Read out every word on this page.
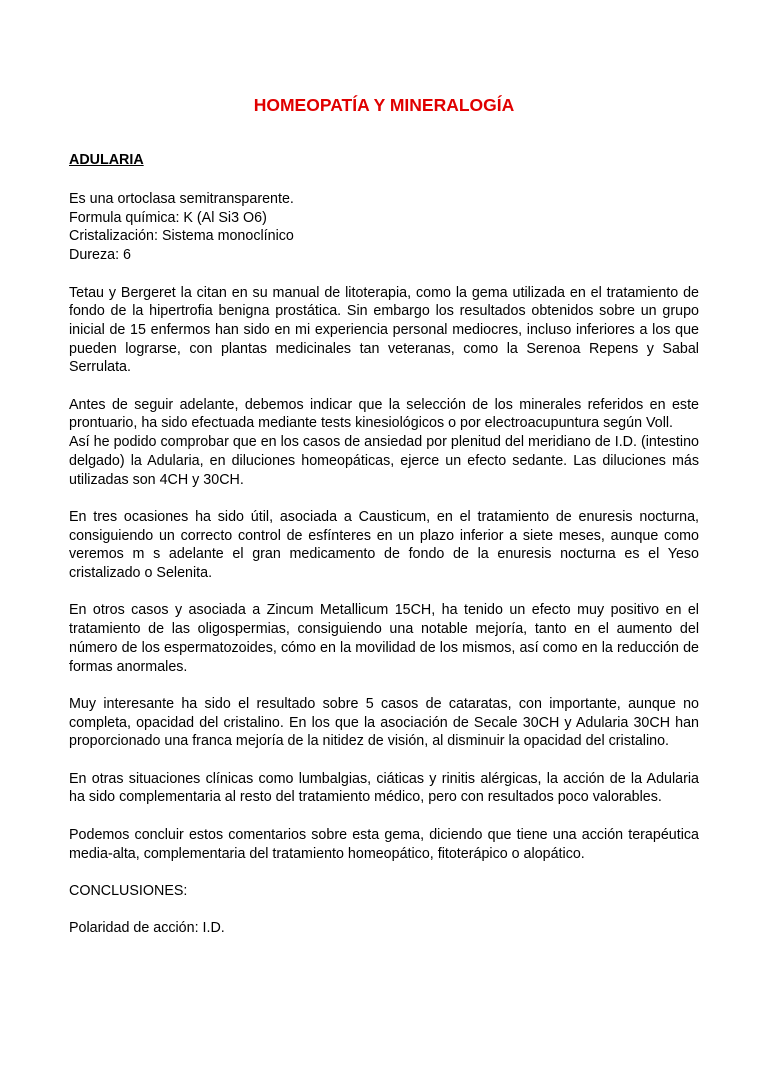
HOMEOPATÍA Y MINERALOGÍA
ADULARIA
Es una ortoclasa semitransparente.
Formula química: K (Al Si3 O6)
Cristalización: Sistema monoclínico
Dureza: 6

Tetau y Bergeret la citan en su manual de litoterapia, como la gema utilizada en el tratamiento de fondo de la hipertrofia benigna prostática. Sin embargo los resultados obtenidos sobre un grupo inicial de 15 enfermos han sido en mi experiencia personal mediocres, incluso inferiores a los que pueden lograrse, con plantas medicinales tan veteranas, como la Serenoa Repens y Sabal Serrulata.

Antes de seguir adelante, debemos indicar que la selección de los minerales referidos en este prontuario, ha sido efectuada mediante tests kinesiológicos o por electroacupuntura según Voll.

Así he podido comprobar que en los casos de ansiedad por plenitud del meridiano de I.D. (intestino delgado) la Adularia, en diluciones homeopáticas, ejerce un efecto sedante. Las diluciones más utilizadas son 4CH y 30CH.

En tres ocasiones ha sido útil, asociada a Causticum, en el tratamiento de enuresis nocturna, consiguiendo un correcto control de esfínteres en un plazo inferior a siete meses, aunque como veremos m s adelante el gran medicamento de fondo de la enuresis nocturna es el Yeso cristalizado o Selenita.

En otros casos y asociada a Zincum Metallicum 15CH, ha tenido un efecto muy positivo en el tratamiento de las oligospermias, consiguiendo una notable mejoría, tanto en el aumento del número de los espermatozoides, cómo en la movilidad de los mismos, así como en la reducción de formas anormales.

Muy interesante ha sido el resultado sobre 5 casos de cataratas, con importante, aunque no completa, opacidad del cristalino. En los que la asociación de Secale 30CH y Adularia 30CH han proporcionado una franca mejoría de la nitidez de visión, al disminuir la opacidad del cristalino.

En otras situaciones clínicas como lumbalgias, ciáticas y rinitis alérgicas, la acción de la Adularia ha sido complementaria al resto del tratamiento médico, pero con resultados poco valorables.

Podemos concluir estos comentarios sobre esta gema, diciendo que tiene una acción terapéutica media-alta, complementaria del tratamiento homeopático, fitoterápico o alopático.

CONCLUSIONES:

Polaridad de acción: I.D.
